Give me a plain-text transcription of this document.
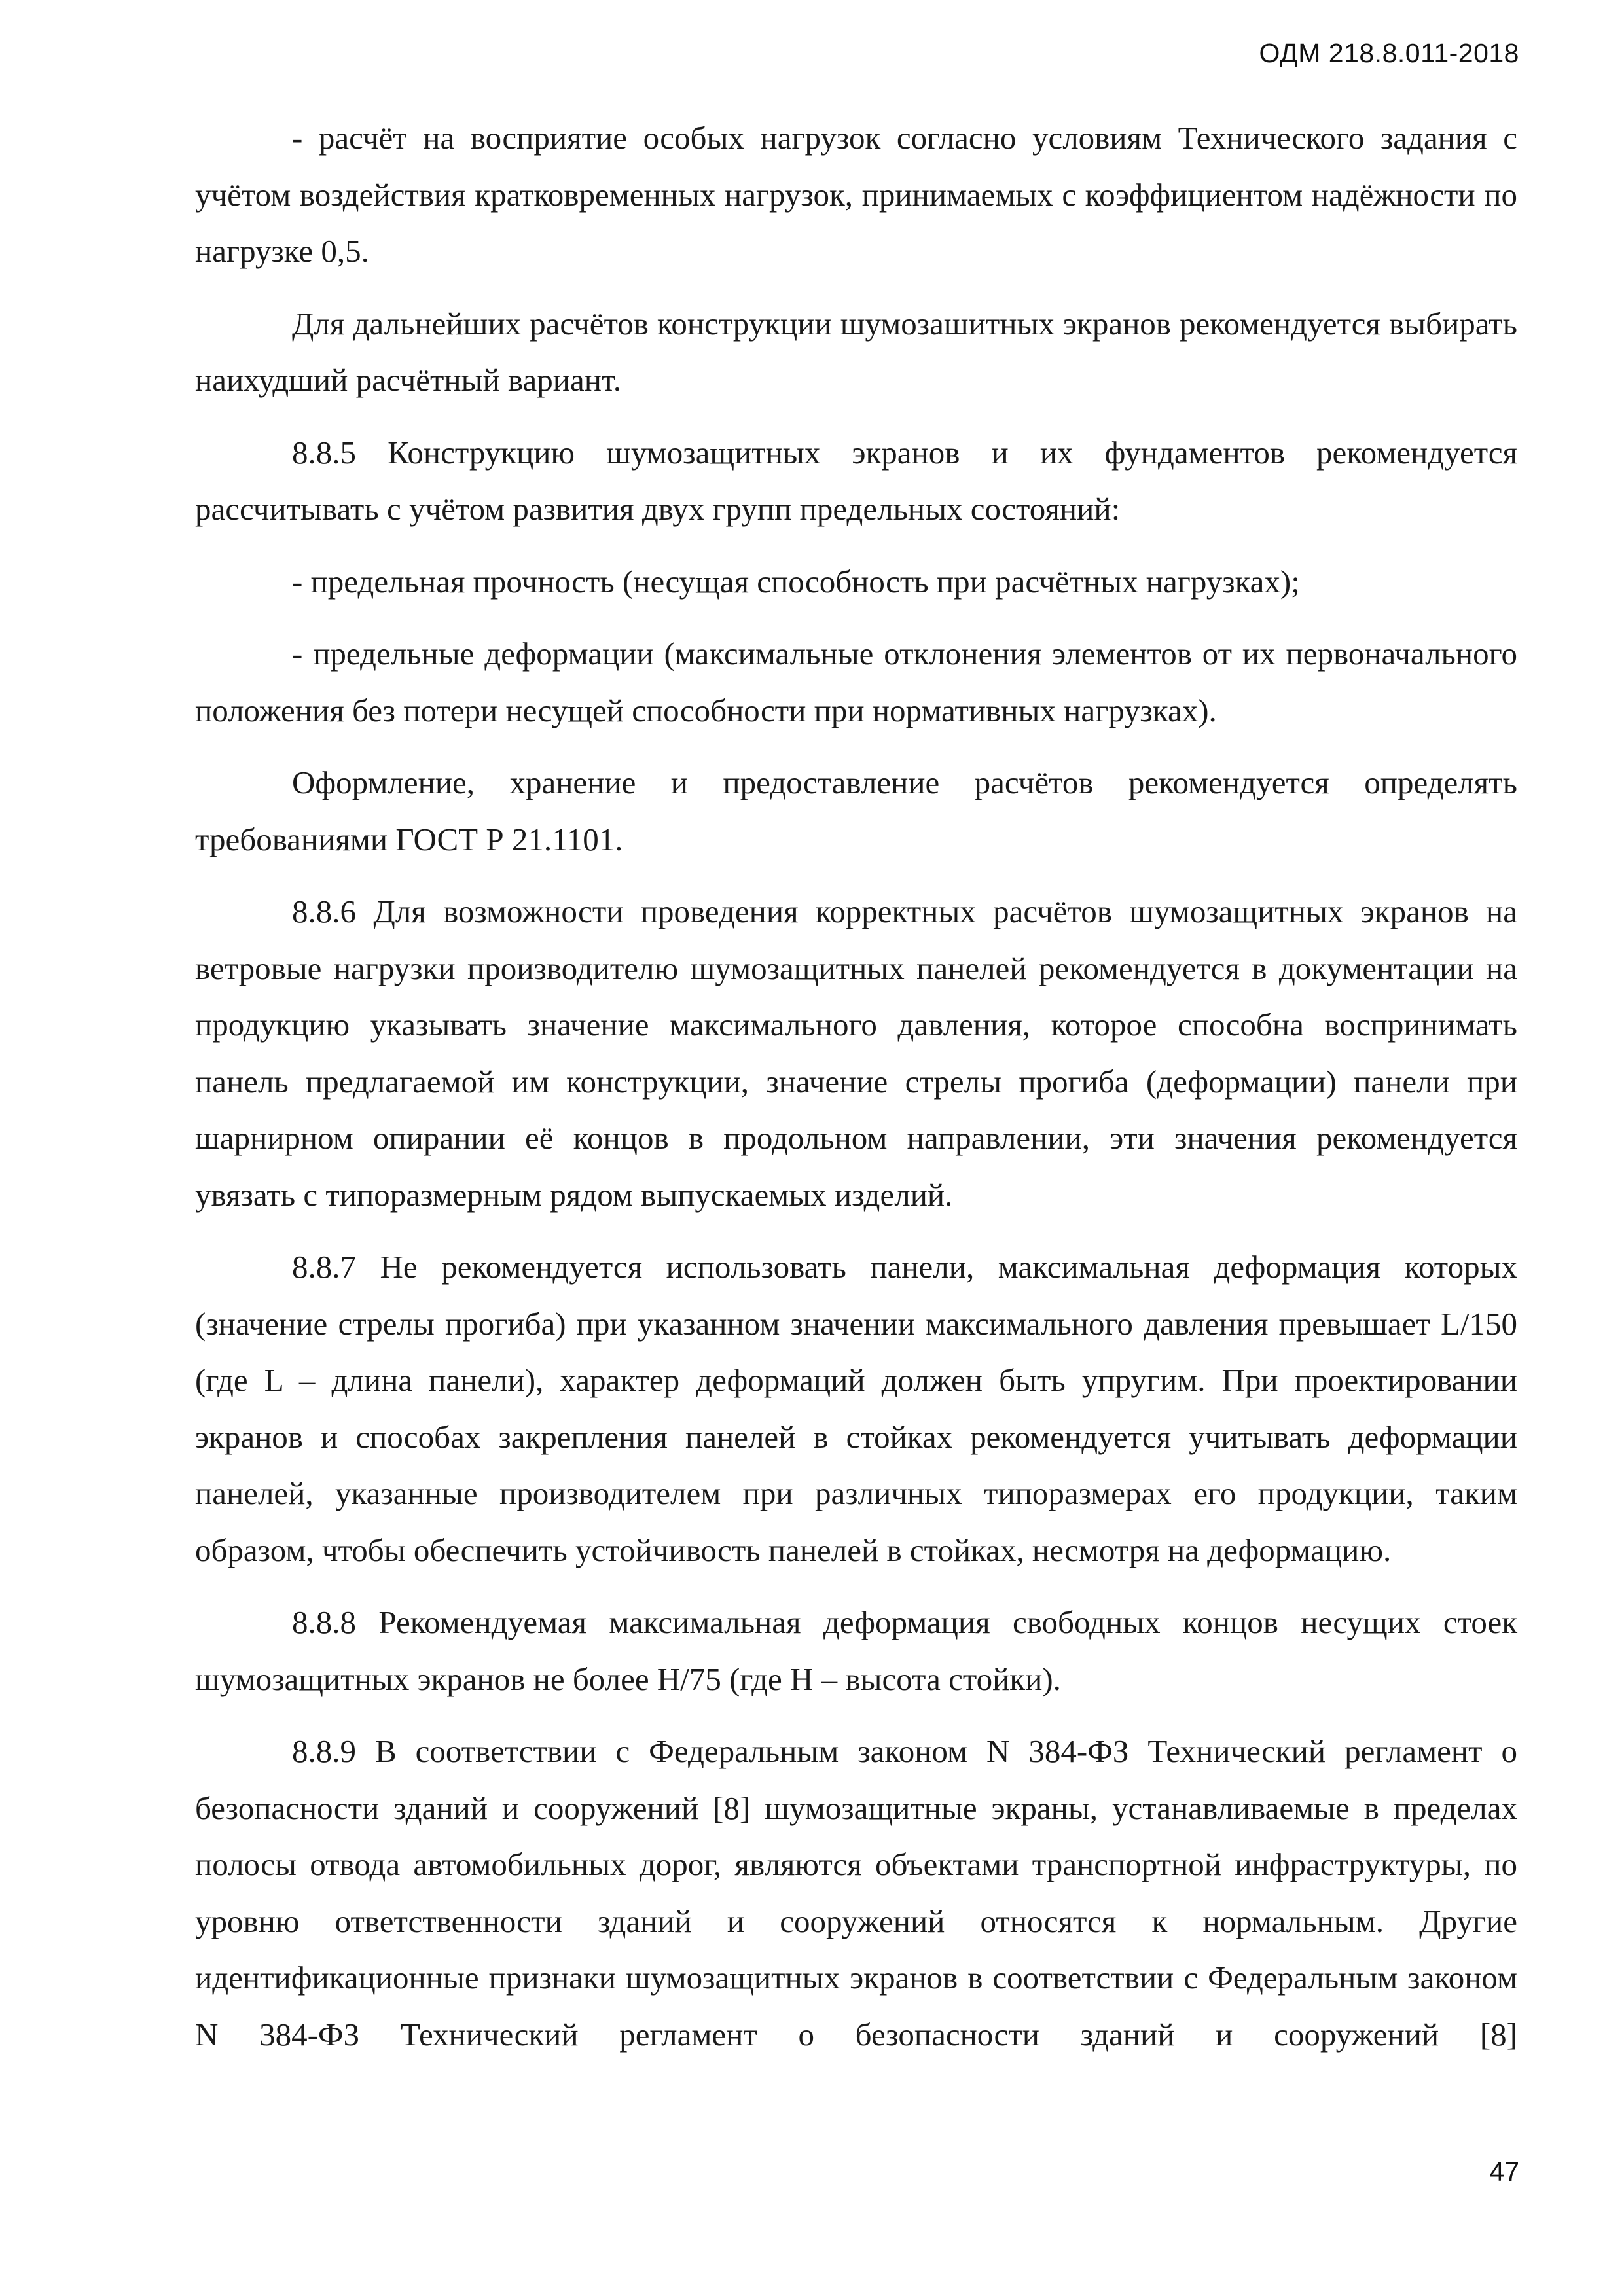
ОДМ 218.8.011-2018

- расчёт на восприятие особых нагрузок согласно условиям Технического задания с учётом воздействия кратковременных нагрузок, принимаемых с коэффициентом надёжности по нагрузке 0,5.

Для дальнейших расчётов конструкции шумозашитных экранов рекомендуется выбирать наихудший расчётный вариант.

8.8.5 Конструкцию шумозащитных экранов и их фундаментов рекомендуется рассчитывать с учётом развития двух групп предельных состояний:

- предельная прочность (несущая способность при расчётных нагрузках);

- предельные деформации (максимальные отклонения элементов от их первоначального положения без потери несущей способности при нормативных нагрузках).

Оформление, хранение и предоставление расчётов рекомендуется определять требованиями ГОСТ Р 21.1101.

8.8.6 Для возможности проведения корректных расчётов шумозащитных экранов на ветровые нагрузки производителю шумозащитных панелей рекомендуется в документации на продукцию указывать значение максимального давления, которое способна воспринимать панель предлагаемой им конструкции, значение стрелы прогиба (деформации) панели при шарнирном опирании её концов в продольном направлении, эти значения рекомендуется увязать с типоразмерным рядом выпускаемых изделий.

8.8.7 Не рекомендуется использовать панели, максимальная деформация которых (значение стрелы прогиба) при указанном значении максимального давления превышает L/150 (где L – длина панели), характер деформаций должен быть упругим. При проектировании экранов и способах закрепления панелей в стойках рекомендуется учитывать деформации панелей, указанные производителем при различных типоразмерах его продукции, таким образом, чтобы обеспечить устойчивость панелей в стойках, несмотря на деформацию.

8.8.8 Рекомендуемая максимальная деформация свободных концов несущих стоек шумозащитных экранов не более H/75 (где H – высота стойки).

8.8.9 В соответствии с Федеральным законом N 384-ФЗ Технический регламент о безопасности зданий и сооружений [8] шумозащитные экраны, устанавливаемые в пределах полосы отвода автомобильных дорог, являются объектами транспортной инфраструктуры, по уровню ответственности зданий и сооружений относятся к нормальным. Другие идентификационные признаки шумозащитных экранов в соответствии с Федеральным законом N 384-ФЗ Технический регламент о безопасности зданий и сооружений [8]

47
